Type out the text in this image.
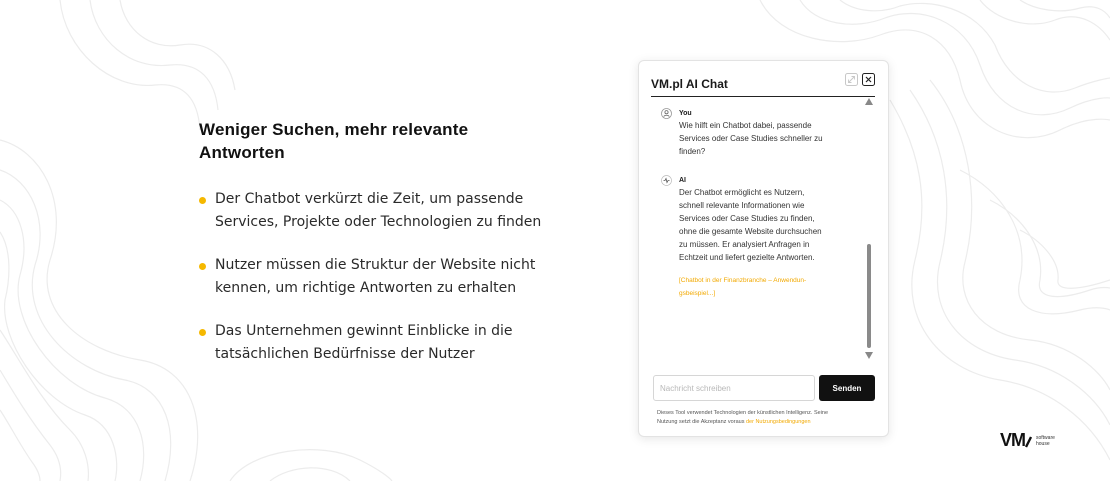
Weniger Suchen, mehr relevante
Antworten
Der Chatbot verkürzt die Zeit, um passende
Services, Projekte oder Technologien zu finden
Nutzer müssen die Struktur der Website nicht
kennen, um richtige Antworten zu erhalten
Das Unternehmen gewinnt Einblicke in die
tatsächlichen Bedürfnisse der Nutzer
VM.pl AI Chat
You
Wie hilft ein Chatbot dabei, passende
Services oder Case Studies schneller zu
finden?
AI
Der Chatbot ermöglicht es Nutzern,
schnell relevante Informationen wie
Services oder Case Studies zu finden,
ohne die gesamte Website durchsuchen
zu müssen. Er analysiert Anfragen in
Echtzeit und liefert gezielte Antworten.
[Chatbot in der Finanzbranche – Anwendun-
gsbeispiel...]
Nachricht schreiben
Senden
Dieses Tool verwendet Technologien der künstlichen Intelligenz. Seine
Nutzung setzt die Akzeptanz voraus der Nutzungsbedingungen
VM software
house
